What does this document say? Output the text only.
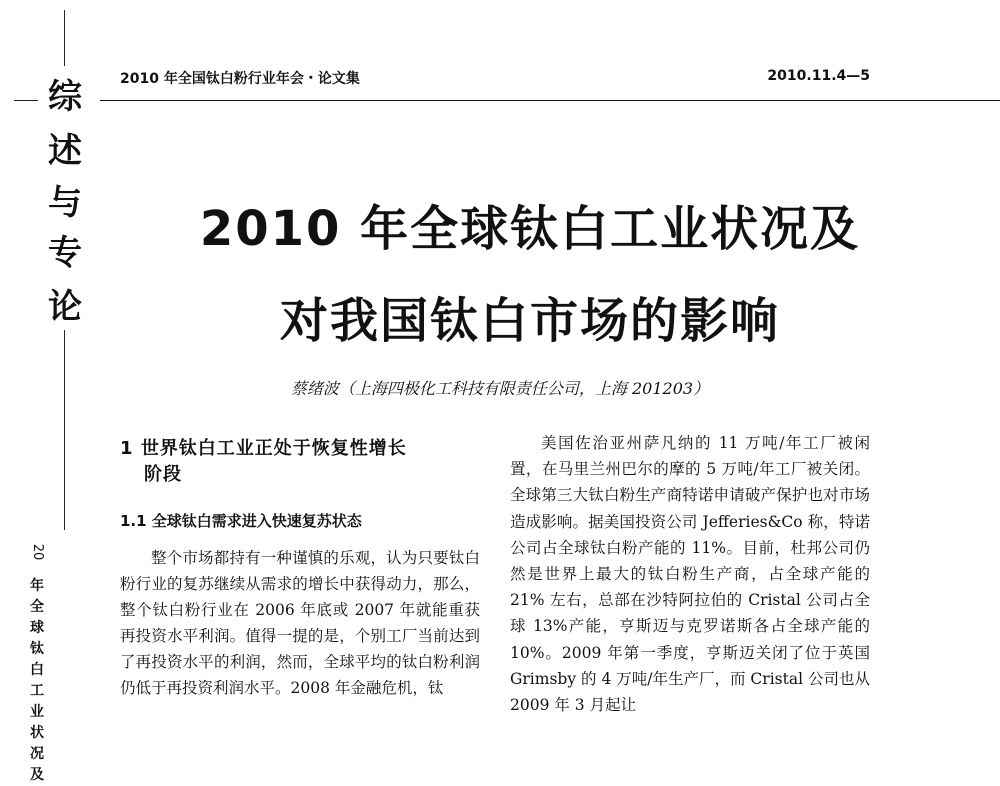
综
述
与
专
论
20
年全球钛白工业状况及
2010 年全国钛白粉行业年会・论文集	2010.11.4—5
2010 年全球钛白工业状况及
对我国钛白市场的影响
蔡绪波（上海四极化工科技有限责任公司，上海 201203）
1 世界钛白工业正处于恢复性增长
阶段
1.1 全球钛白需求进入快速复苏状态

整个市场都持有一种谨慎的乐观，认为只要钛白粉行业的复苏继续从需求的增长中获得动力，那么，整个钛白粉行业在 2006 年底或 2007 年就能重获再投资水平利润。值得一提的是，个别工厂当前达到了再投资水平的利润，然而，全球平均的钛白粉利润仍低于再投资利润水平。2008 年金融危机，钛

美国佐治亚州萨凡纳的 11 万吨/年工厂被闲置，在马里兰州巴尔的摩的 5 万吨/年工厂被关闭。全球第三大钛白粉生产商特诺申请破产保护也对市场造成影响。据美国投资公司 Jefferies&Co 称，特诺公司占全球钛白粉产能的 11%。目前，杜邦公司仍然是世界上最大的钛白粉生产商，占全球产能的 21% 左右，总部在沙特阿拉伯的 Cristal 公司占全球 13%产能，亨斯迈与克罗诺斯各占全球产能的 10%。2009 年第一季度，亨斯迈关闭了位于英国 Grimsby 的 4 万吨/年生产厂，而 Cristal 公司也从 2009 年 3 月起让
